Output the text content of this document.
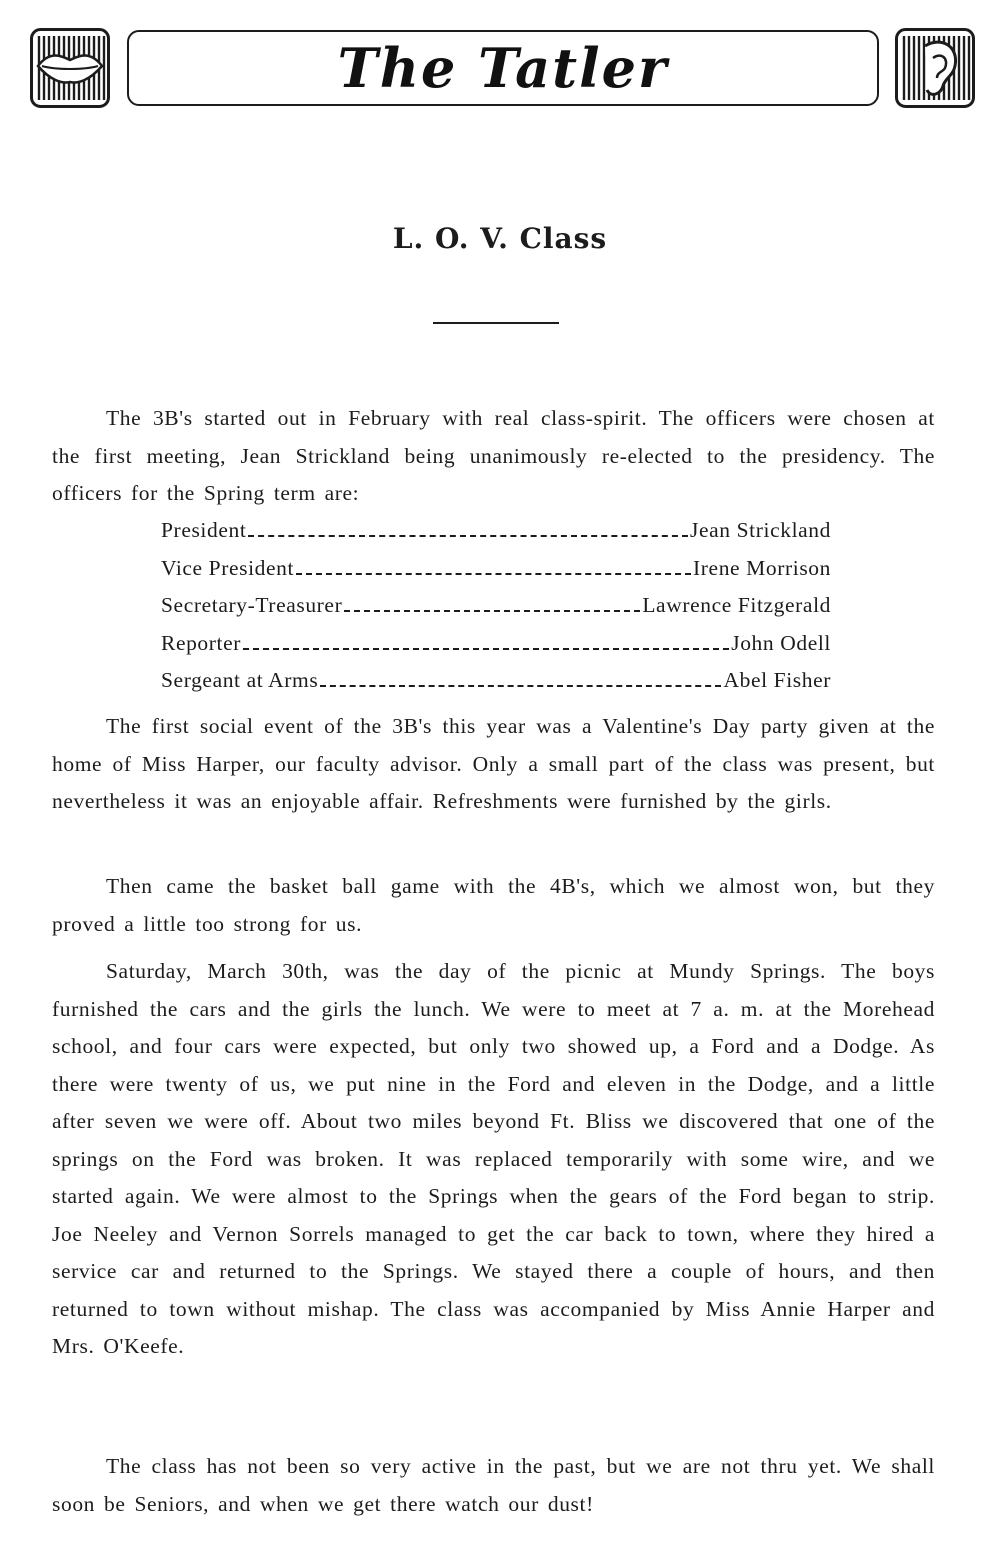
The Tatler
L. O. V. Class
The 3B's started out in February with real class-spirit. The officers were chosen at the first meeting, Jean Strickland being unanimously re-elected to the presidency. The officers for the Spring term are:
President	Jean Strickland
Vice President	Irene Morrison
Secretary-Treasurer	Lawrence Fitzgerald
Reporter	John Odell
Sergeant at Arms	Abel Fisher
The first social event of the 3B's this year was a Valentine's Day party given at the home of Miss Harper, our faculty advisor. Only a small part of the class was present, but nevertheless it was an enjoyable affair. Refreshments were furnished by the girls.
Then came the basket ball game with the 4B's, which we almost won, but they proved a little too strong for us.
Saturday, March 30th, was the day of the picnic at Mundy Springs. The boys furnished the cars and the girls the lunch. We were to meet at 7 a. m. at the Morehead school, and four cars were expected, but only two showed up, a Ford and a Dodge. As there were twenty of us, we put nine in the Ford and eleven in the Dodge, and a little after seven we were off. About two miles beyond Ft. Bliss we discovered that one of the springs on the Ford was broken. It was replaced temporarily with some wire, and we started again. We were almost to the Springs when the gears of the Ford began to strip. Joe Neeley and Vernon Sorrels managed to get the car back to town, where they hired a service car and returned to the Springs. We stayed there a couple of hours, and then returned to town without mishap. The class was accompanied by Miss Annie Harper and Mrs. O'Keefe.
The class has not been so very active in the past, but we are not thru yet. We shall soon be Seniors, and when we get there watch our dust!
